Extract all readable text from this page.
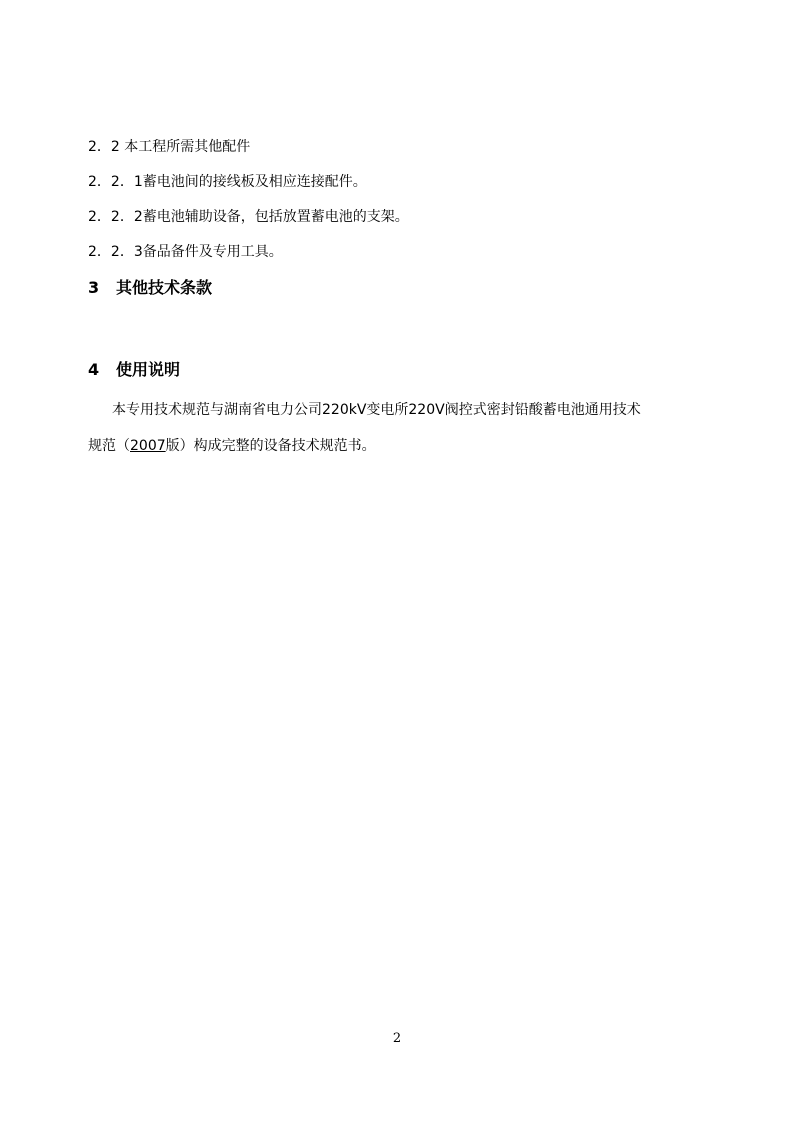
2．2 本工程所需其他配件
2．2．1蓄电池间的接线板及相应连接配件。
2．2．2蓄电池辅助设备，包括放置蓄电池的支架。
2．2．3备品备件及专用工具。
3 其他技术条款
4 使用说明
本专用技术规范与湖南省电力公司220kV变电所220V阀控式密封铅酸蓄电池通用技术
规范（2007版）构成完整的设备技术规范书。
2
